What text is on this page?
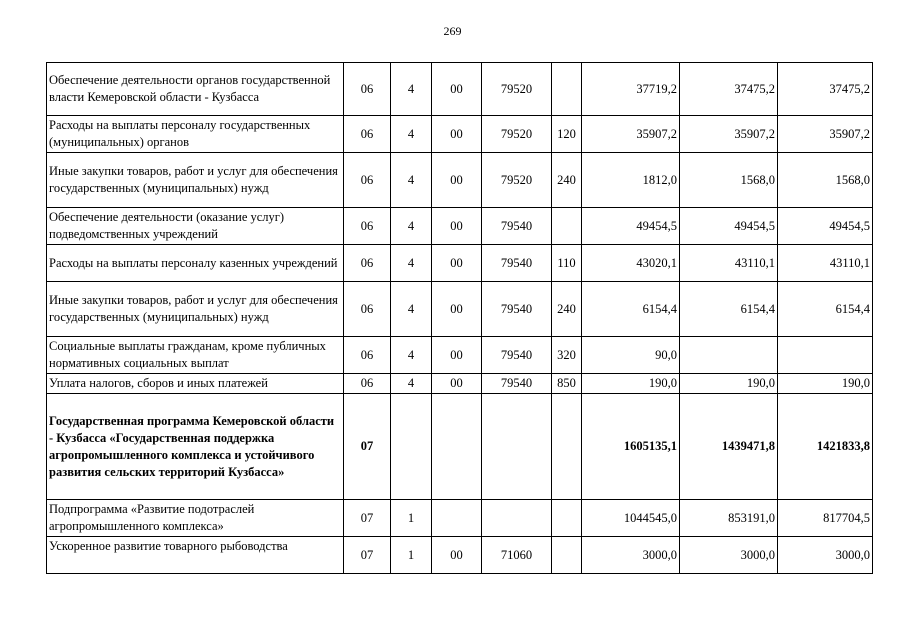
269
Обеспечение деятельности органов государственной власти Кемеровской области - Кузбасса	06	4	00	79520		37719,2	37475,2	37475,2
Расходы на выплаты персоналу государственных (муниципальных) органов	06	4	00	79520	120	35907,2	35907,2	35907,2
Иные закупки товаров, работ и услуг для обеспечения государственных (муниципальных) нужд	06	4	00	79520	240	1812,0	1568,0	1568,0
Обеспечение деятельности (оказание услуг) подведомственных учреждений	06	4	00	79540		49454,5	49454,5	49454,5
Расходы на выплаты персоналу казенных учреждений	06	4	00	79540	110	43020,1	43110,1	43110,1
Иные закупки товаров, работ и услуг для обеспечения государственных (муниципальных) нужд	06	4	00	79540	240	6154,4	6154,4	6154,4
Социальные выплаты гражданам, кроме публичных нормативных социальных выплат	06	4	00	79540	320	90,0		
Уплата налогов, сборов и иных платежей	06	4	00	79540	850	190,0	190,0	190,0
Государственная программа Кемеровской области - Кузбасса «Государственная поддержка агропромышленного комплекса и устойчивого развития сельских территорий Кузбасса»	07					1605135,1	1439471,8	1421833,8
Подпрограмма «Развитие подотраслей агропромышленного комплекса»	07	1				1044545,0	853191,0	817704,5
Ускоренное развитие товарного рыбоводства	07	1	00	71060		3000,0	3000,0	3000,0
